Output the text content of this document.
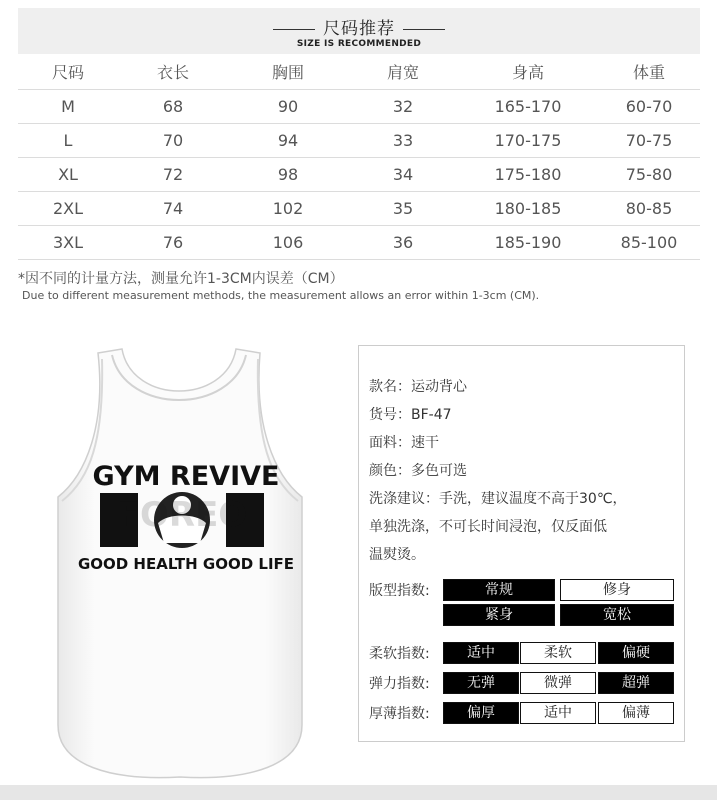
尺码推荐
SIZE IS RECOMMENDED
尺码	衣长	胸围	肩宽	身高	体重
M	68	90	32	165-170	60-70
L	70	94	33	170-175	70-75
XL	72	98	34	175-180	75-80
2XL	74	102	35	180-185	80-85
3XL	76	106	36	185-190	85-100
*因不同的计量方法，测量允许1-3CM内误差（CM）
Due to different measurement methods, the measurement allows an error within 1-3cm (CM).
GYM REVIVE
FOREO
GOOD HEALTH GOOD LIFE
款名：运动背心
货号：BF-47
面料：速干
颜色：多色可选
洗涤建议：手洗，建议温度不高于30℃，
单独洗涤，不可长时间浸泡，仅反面低
温熨烫。
版型指数:	常规	修身
紧身	宽松
柔软指数:	适中	柔软	偏硬
弹力指数:	无弹	微弹	超弹
厚薄指数:	偏厚	适中	偏薄
